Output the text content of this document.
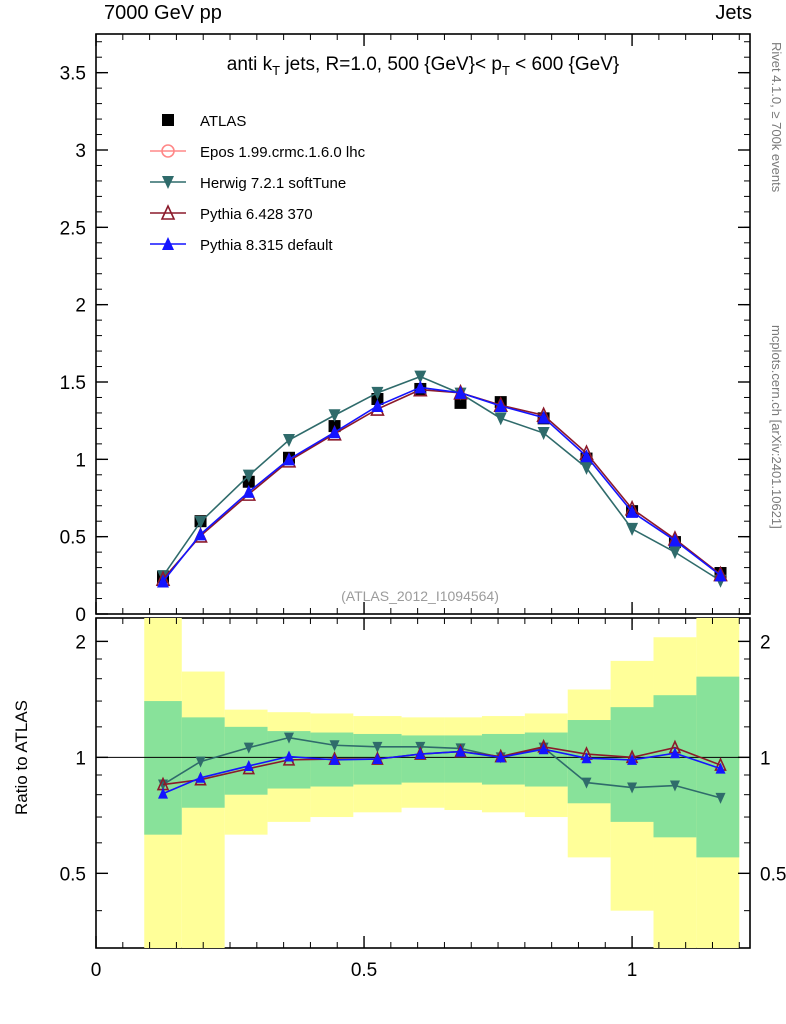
7000 GeV pp	Jets
Rivet 4.1.0, ≥ 700k events
mcplots.cern.ch [arXiv:2401.10621]
0
0.5
1
1.5
2
2.5
3
3.5
0.5	0.5
1	1
2	2
0	0.5	1
ATLAS
Epos 1.99.crmc.1.6.0 lhc
Herwig 7.2.1 softTune
Pythia 6.428 370
Pythia 8.315 default
(ATLAS_2012_I1094564)
anti $k_T$ jets, R=1.0, 500 $\{GeV\}< p_T < 600$ {GeV}
Ratio to ATLAS
